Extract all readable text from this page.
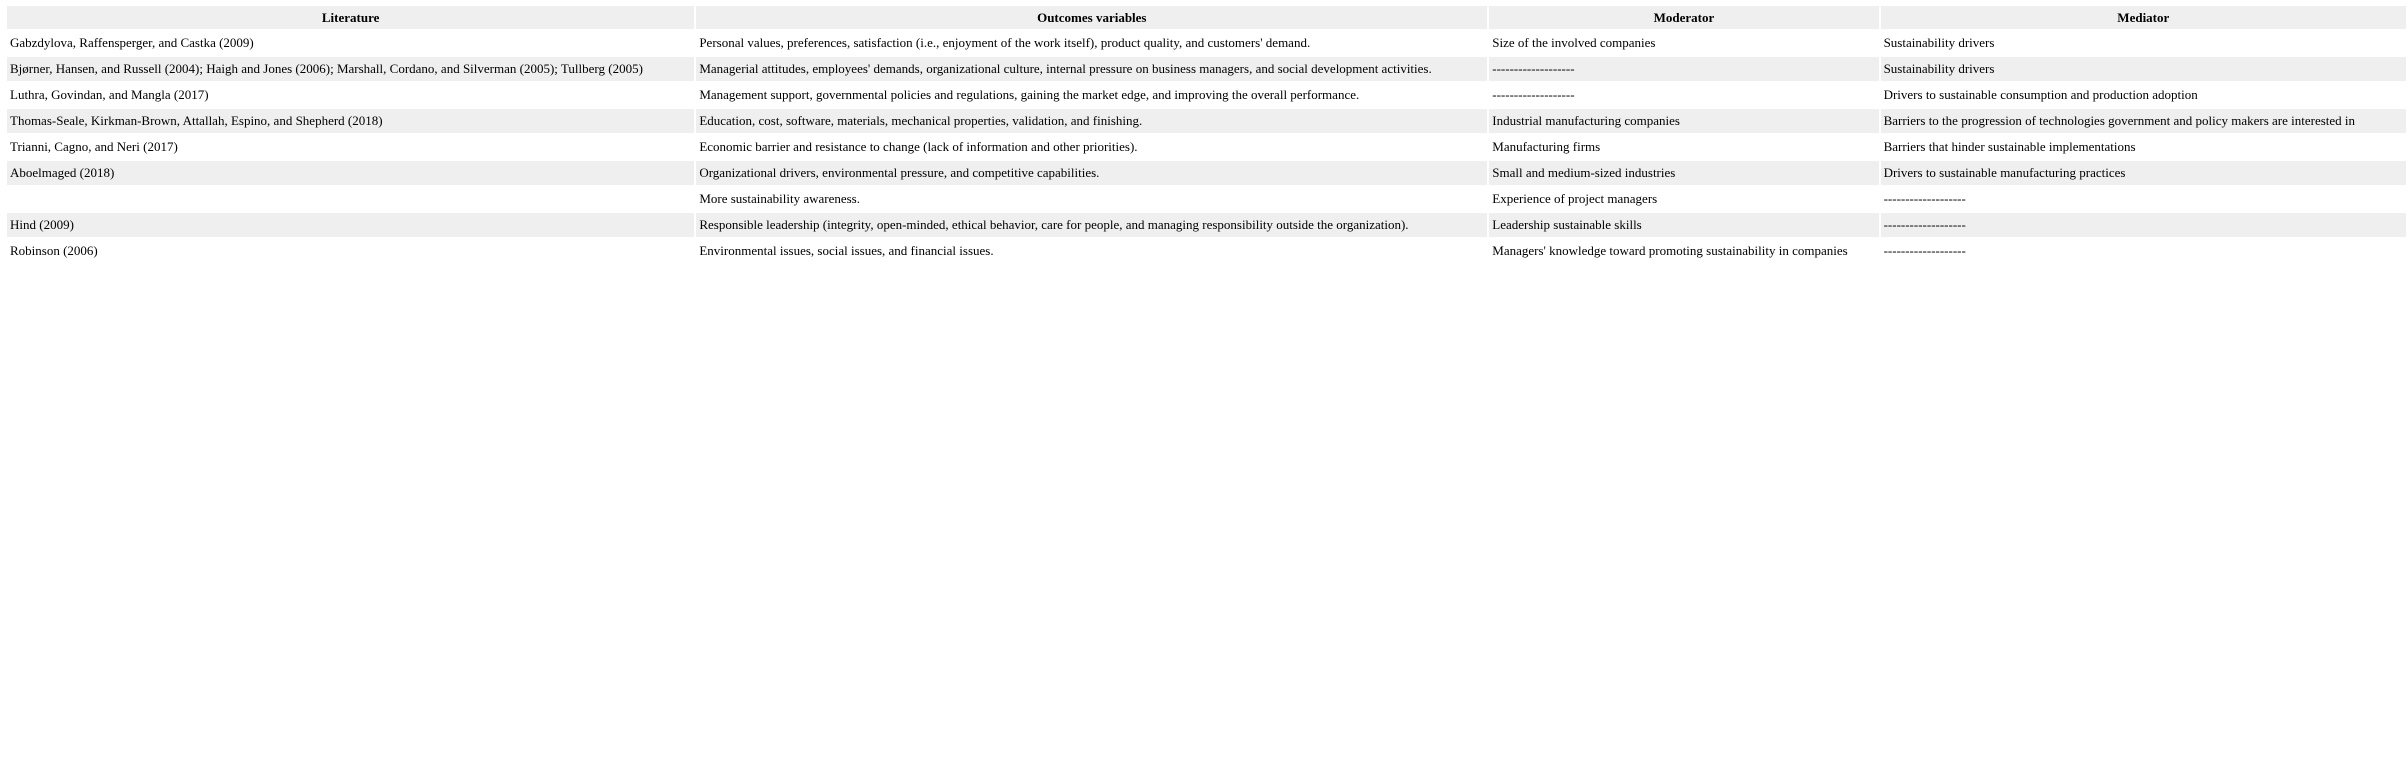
Literature	Outcomes variables	Moderator	Mediator
Gabzdylova, Raffensperger, and Castka (2009)	Personal values, preferences, satisfaction (i.e., enjoyment of the work itself), product quality, and customers' demand.	Size of the involved companies	Sustainability drivers
Bjørner, Hansen, and Russell (2004); Haigh and Jones (2006); Marshall, Cordano, and Silverman (2005); Tullberg (2005)	Managerial attitudes, employees' demands, organizational culture, internal pressure on business managers, and social development activities.	-------------------	Sustainability drivers
Luthra, Govindan, and Mangla (2017)	Management support, governmental policies and regulations, gaining the market edge, and improving the overall performance.	-------------------	Drivers to sustainable consumption and production adoption
Thomas-Seale, Kirkman-Brown, Attallah, Espino, and Shepherd (2018)	Education, cost, software, materials, mechanical properties, validation, and finishing.	Industrial manufacturing companies	Barriers to the progression of technologies government and policy makers are interested in
Trianni, Cagno, and Neri (2017)	Economic barrier and resistance to change (lack of information and other priorities).	Manufacturing firms	Barriers that hinder sustainable implementations
Aboelmaged (2018)	Organizational drivers, environmental pressure, and competitive capabilities.	Small and medium-sized industries	Drivers to sustainable manufacturing practices
	More sustainability awareness.	Experience of project managers	-------------------
Hind (2009)	Responsible leadership (integrity, open-minded, ethical behavior, care for people, and managing responsibility outside the organization).	Leadership sustainable skills	-------------------
Robinson (2006)	Environmental issues, social issues, and financial issues.	Managers' knowledge toward promoting sustainability in companies	-------------------
